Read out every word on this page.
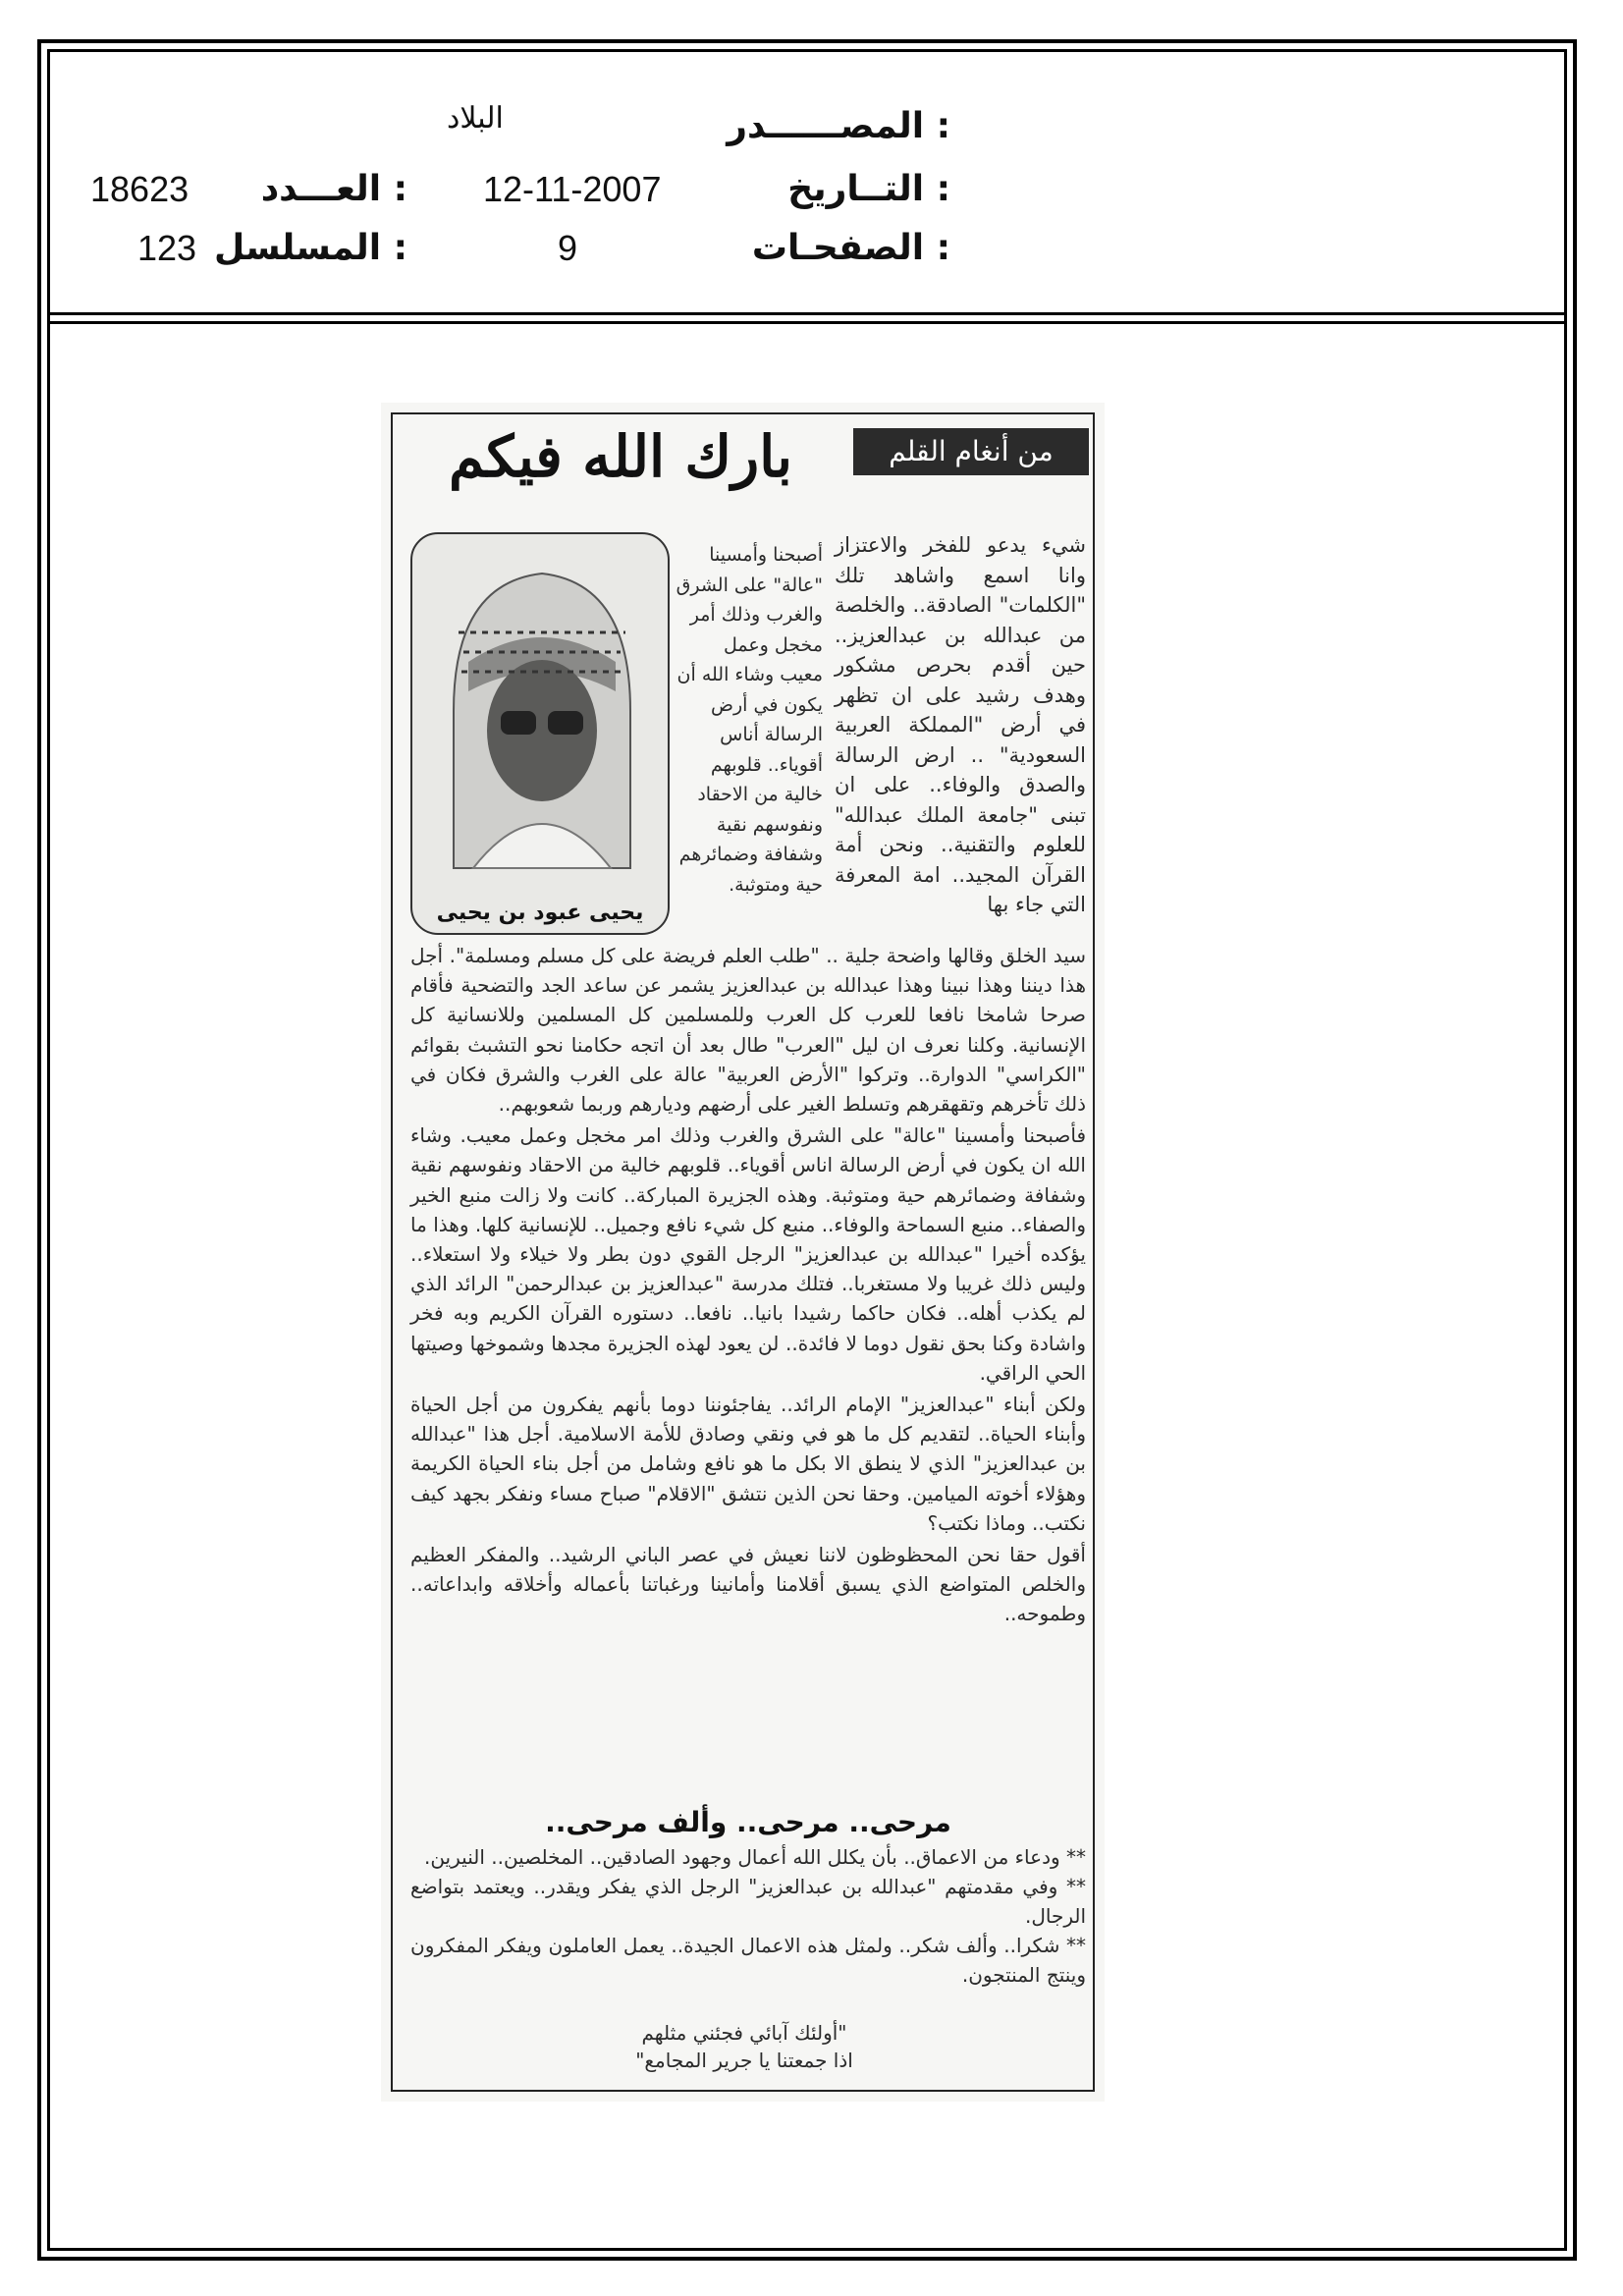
المصــــــدر :
البلاد
التــاريخ :
12-11-2007
العـــدد :
18623
الصفحـات :
9
المسلسل :
123
من أنغام القلم
بارك الله فيكم
يحيى عبود بن يحيى
أصبحنا وأمسينا "عالة" على الشرق والغرب وذلك أمر مخجل وعمل معيب وشاء الله أن يكون في أرض الرسالة أناس أقوياء.. قلوبهم خالية من الاحقاد ونفوسهم نقية وشفافة وضمائرهم حية ومتوثبة.
شيء يدعو للفخر والاعتزاز وانا اسمع واشاهد تلك "الكلمات" الصادقة.. والخلصة من عبدالله بن عبدالعزيز.. حين أقدم بحرص مشكور وهدف رشيد على ان تظهر في أرض "المملكة العربية السعودية" .. ارض الرسالة والصدق والوفاء.. على ان تبنى "جامعة الملك عبدالله" للعلوم والتقنية.. ونحن أمة القرآن المجيد.. امة المعرفة التي جاء بها

سيد الخلق وقالها واضحة جلية .. "طلب العلم فريضة على كل مسلم ومسلمة". أجل هذا ديننا وهذا نبينا وهذا عبدالله بن عبدالعزيز يشمر عن ساعد الجد والتضحية فأقام صرحا شامخا نافعا للعرب كل العرب وللمسلمين كل المسلمين وللانسانية كل الإنسانية. وكلنا نعرف ان ليل "العرب" طال بعد أن اتجه حكامنا نحو التشبث بقوائم "الكراسي" الدوارة.. وتركوا "الأرض العربية" عالة على الغرب والشرق فكان في ذلك تأخرهم وتقهقرهم وتسلط الغير على أرضهم وديارهم وربما شعوبهم..

فأصبحنا وأمسينا "عالة" على الشرق والغرب وذلك امر مخجل وعمل معيب. وشاء الله ان يكون في أرض الرسالة اناس أقوياء.. قلوبهم خالية من الاحقاد ونفوسهم نقية وشفافة وضمائرهم حية ومتوثبة. وهذه الجزيرة المباركة.. كانت ولا زالت منبع الخير والصفاء.. منبع السماحة والوفاء.. منبع كل شيء نافع وجميل.. للإنسانية كلها. وهذا ما يؤكده أخيرا "عبدالله بن عبدالعزيز" الرجل القوي دون بطر ولا خيلاء ولا استعلاء.. وليس ذلك غريبا ولا مستغربا.. فتلك مدرسة "عبدالعزيز بن عبدالرحمن" الرائد الذي لم يكذب أهله.. فكان حاكما رشيدا بانيا.. نافعا.. دستوره القرآن الكريم وبه فخر واشادة وكنا بحق نقول دوما لا فائدة.. لن يعود لهذه الجزيرة مجدها وشموخها وصيتها الحي الراقي.

ولكن أبناء "عبدالعزيز" الإمام الرائد.. يفاجئوننا دوما بأنهم يفكرون من أجل الحياة وأبناء الحياة.. لتقديم كل ما هو في ونقي وصادق للأمة الاسلامية. أجل هذا "عبدالله بن عبدالعزيز" الذي لا ينطق الا بكل ما هو نافع وشامل من أجل بناء الحياة الكريمة وهؤلاء أخوته الميامين. وحقا نحن الذين نتشق "الاقلام" صباح مساء ونفكر بجهد كيف نكتب.. وماذا نكتب؟

أقول حقا نحن المحظوظون لاننا نعيش في عصر الباني الرشيد.. والمفكر العظيم والخلص المتواضع الذي يسبق أقلامنا وأمانينا ورغباتنا بأعماله وأخلاقه وابداعاته.. وطموحه..

مرحى.. مرحى.. وألف مرحى..

** ودعاء من الاعماق.. بأن يكلل الله أعمال وجهود الصادقين.. المخلصين.. النيرين.

** وفي مقدمتهم "عبدالله بن عبدالعزيز" الرجل الذي يفكر ويقدر.. ويعتمد بتواضع الرجال.

** شكرا.. وألف شكر.. ولمثل هذه الاعمال الجيدة.. يعمل العاملون ويفكر المفكرون وينتج المنتجون.

"أولئك آبائي فجئني مثلهم
اذا جمعتنا يا جرير المجامع"
